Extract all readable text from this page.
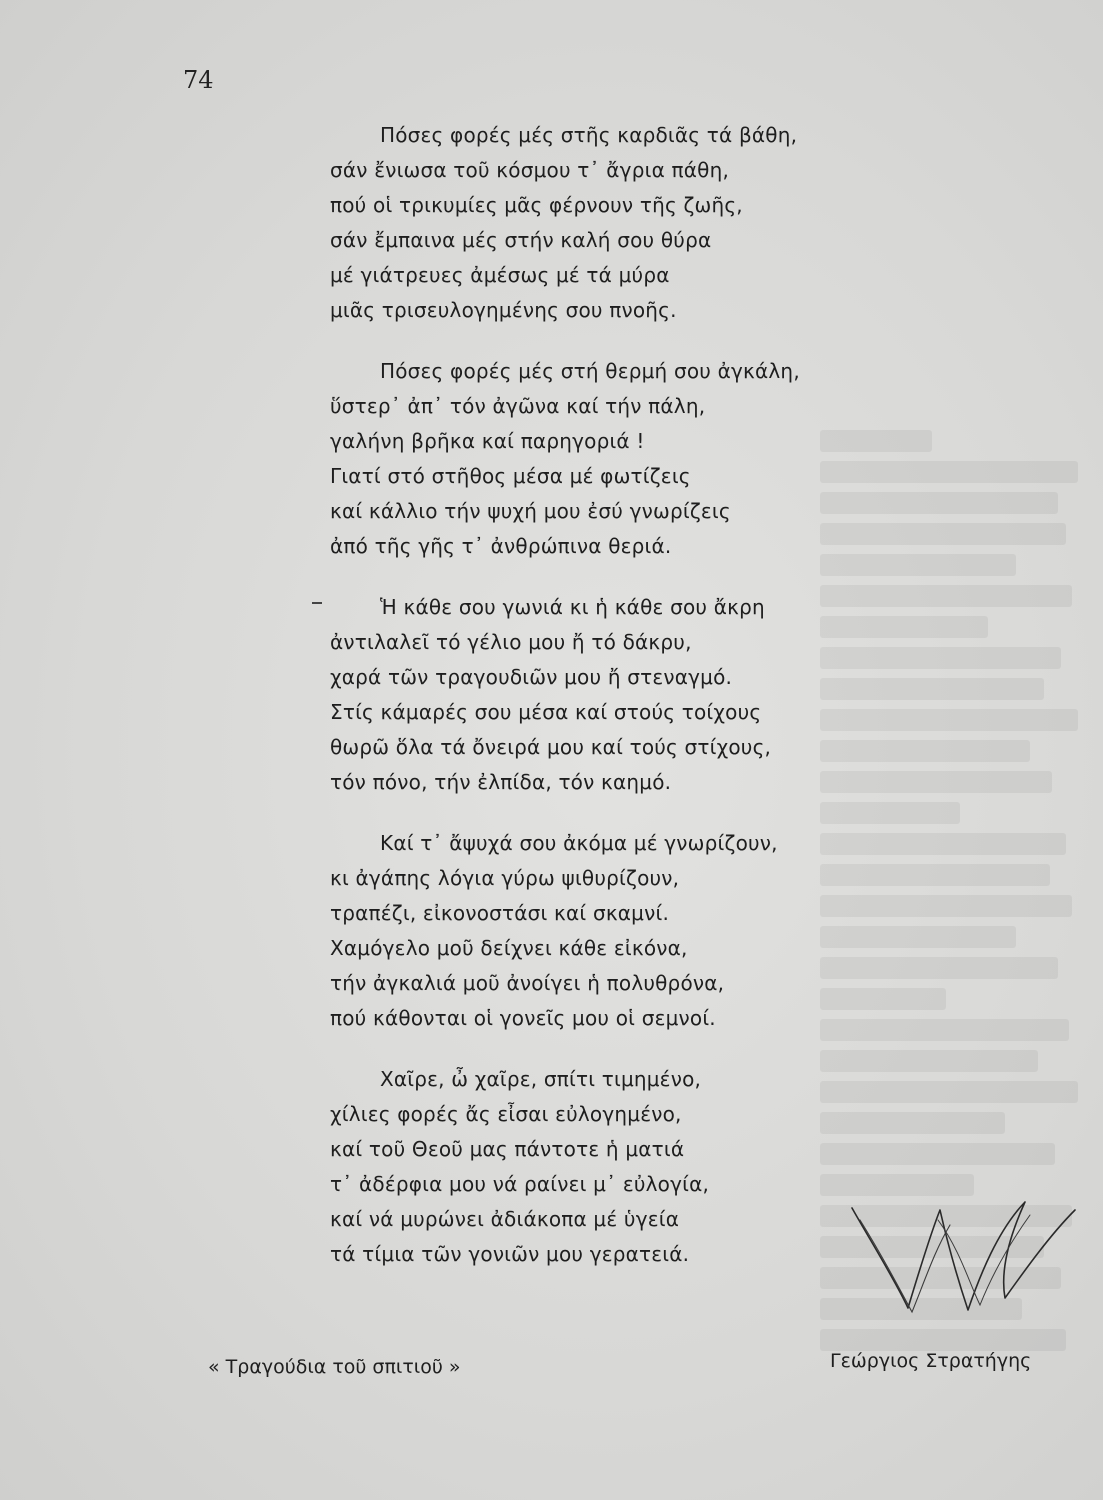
74
Πόσες φορές μές στῆς καρδιᾶς τά βάθη,
σάν ἔνιωσα τοῦ κόσμου τ᾽ ἄγρια πάθη,
πού οἱ τρικυμίες μᾶς φέρνουν τῆς ζωῆς,
σάν ἔμπαινα μές στήν καλή σου θύρα
μέ γιάτρευες ἀμέσως μέ τά μύρα
μιᾶς τρισευλογημένης σου πνοῆς.
Πόσες φορές μές στή θερμή σου ἀγκάλη,
ὕστερ᾽ ἀπ᾽ τόν ἀγῶνα καί τήν πάλη,
γαλήνη βρῆκα καί παρηγοριά !
Γιατί στό στῆθος μέσα μέ φωτίζεις
καί κάλλιο τήν ψυχή μου ἐσύ γνωρίζεις
ἀπό τῆς γῆς τ᾽ ἀνθρώπινα θεριά.
Ἡ κάθε σου γωνιά κι ἡ κάθε σου ἄκρη
ἀντιλαλεῖ τό γέλιο μου ἤ τό δάκρυ,
χαρά τῶν τραγουδιῶν μου ἤ στεναγμό.
Στίς κάμαρές σου μέσα καί στούς τοίχους
θωρῶ ὅλα τά ὄνειρά μου καί τούς στίχους,
τόν πόνο, τήν ἐλπίδα, τόν καημό.
Καί τ᾽ ἄψυχά σου ἀκόμα μέ γνωρίζουν,
κι ἀγάπης λόγια γύρω ψιθυρίζουν,
τραπέζι, εἰκονοστάσι καί σκαμνί.
Χαμόγελο μοῦ δείχνει κάθε εἰκόνα,
τήν ἀγκαλιά μοῦ ἀνοίγει ἡ πολυθρόνα,
πού κάθονται οἱ γονεῖς μου οἱ σεμνοί.
Χαῖρε, ὦ χαῖρε, σπίτι τιμημένο,
χίλιες φορές ἄς εἶσαι εὐλογημένο,
καί τοῦ Θεοῦ μας πάντοτε ἡ ματιά
τ᾽ ἀδέρφια μου νά ραίνει μ᾽ εὐλογία,
καί νά μυρώνει ἀδιάκοπα μέ ὑγεία
τά τίμια τῶν γονιῶν μου γερατειά.
« Τραγούδια τοῦ σπιτιοῦ »	Γεώργιος Στρατήγης
